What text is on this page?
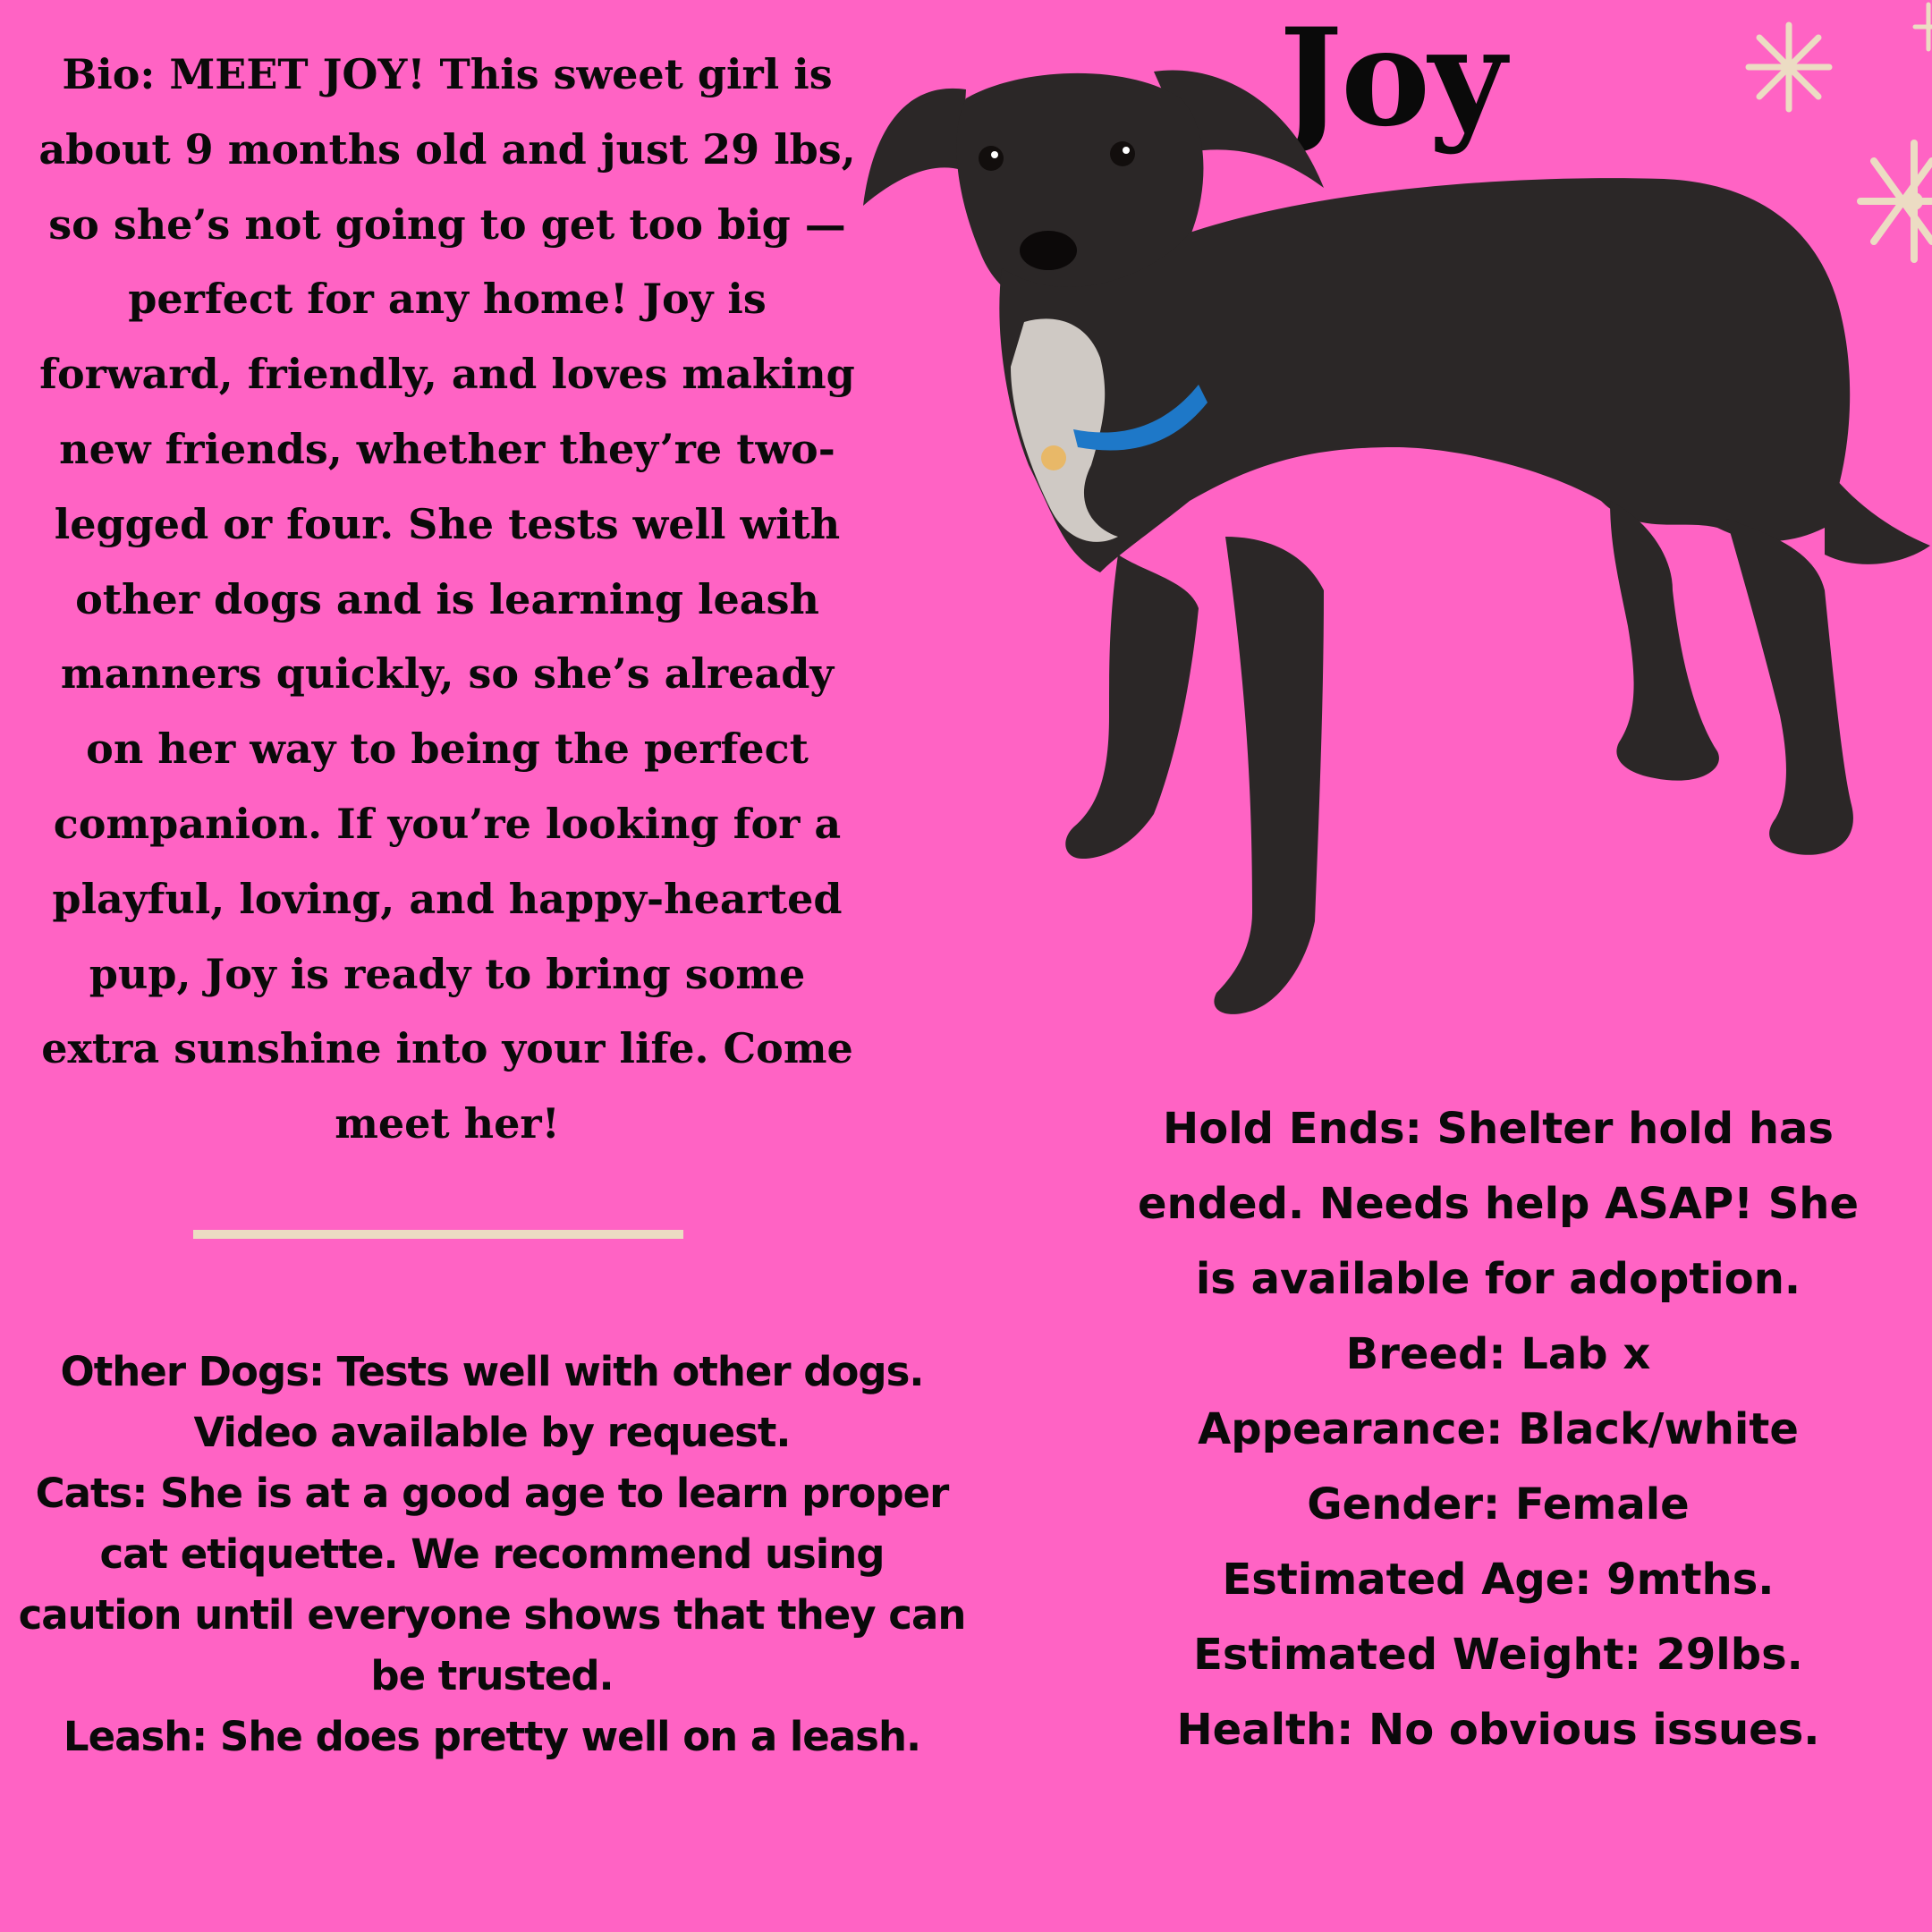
Joy
Bio: MEET JOY! This sweet girl is about 9 months old and just 29 lbs, so she’s not going to get too big — perfect for any home! Joy is forward, friendly, and loves making new friends, whether they’re two-legged or four. She tests well with other dogs and is learning leash manners quickly, so she’s already on her way to being the perfect companion. If you’re looking for a playful, loving, and happy-hearted pup, Joy is ready to bring some extra sunshine into your life. Come meet her!
Other Dogs: Tests well with other dogs. Video available by request.
Cats: She is at a good age to learn proper cat etiquette. We recommend using caution until everyone shows that they can be trusted.
Leash: She does pretty well on a leash.
Hold Ends: Shelter hold has ended. Needs help ASAP! She is available for adoption.
Breed: Lab x
Appearance: Black/white
Gender: Female
Estimated Age: 9mths.
Estimated Weight: 29lbs.
Health: No obvious issues.
